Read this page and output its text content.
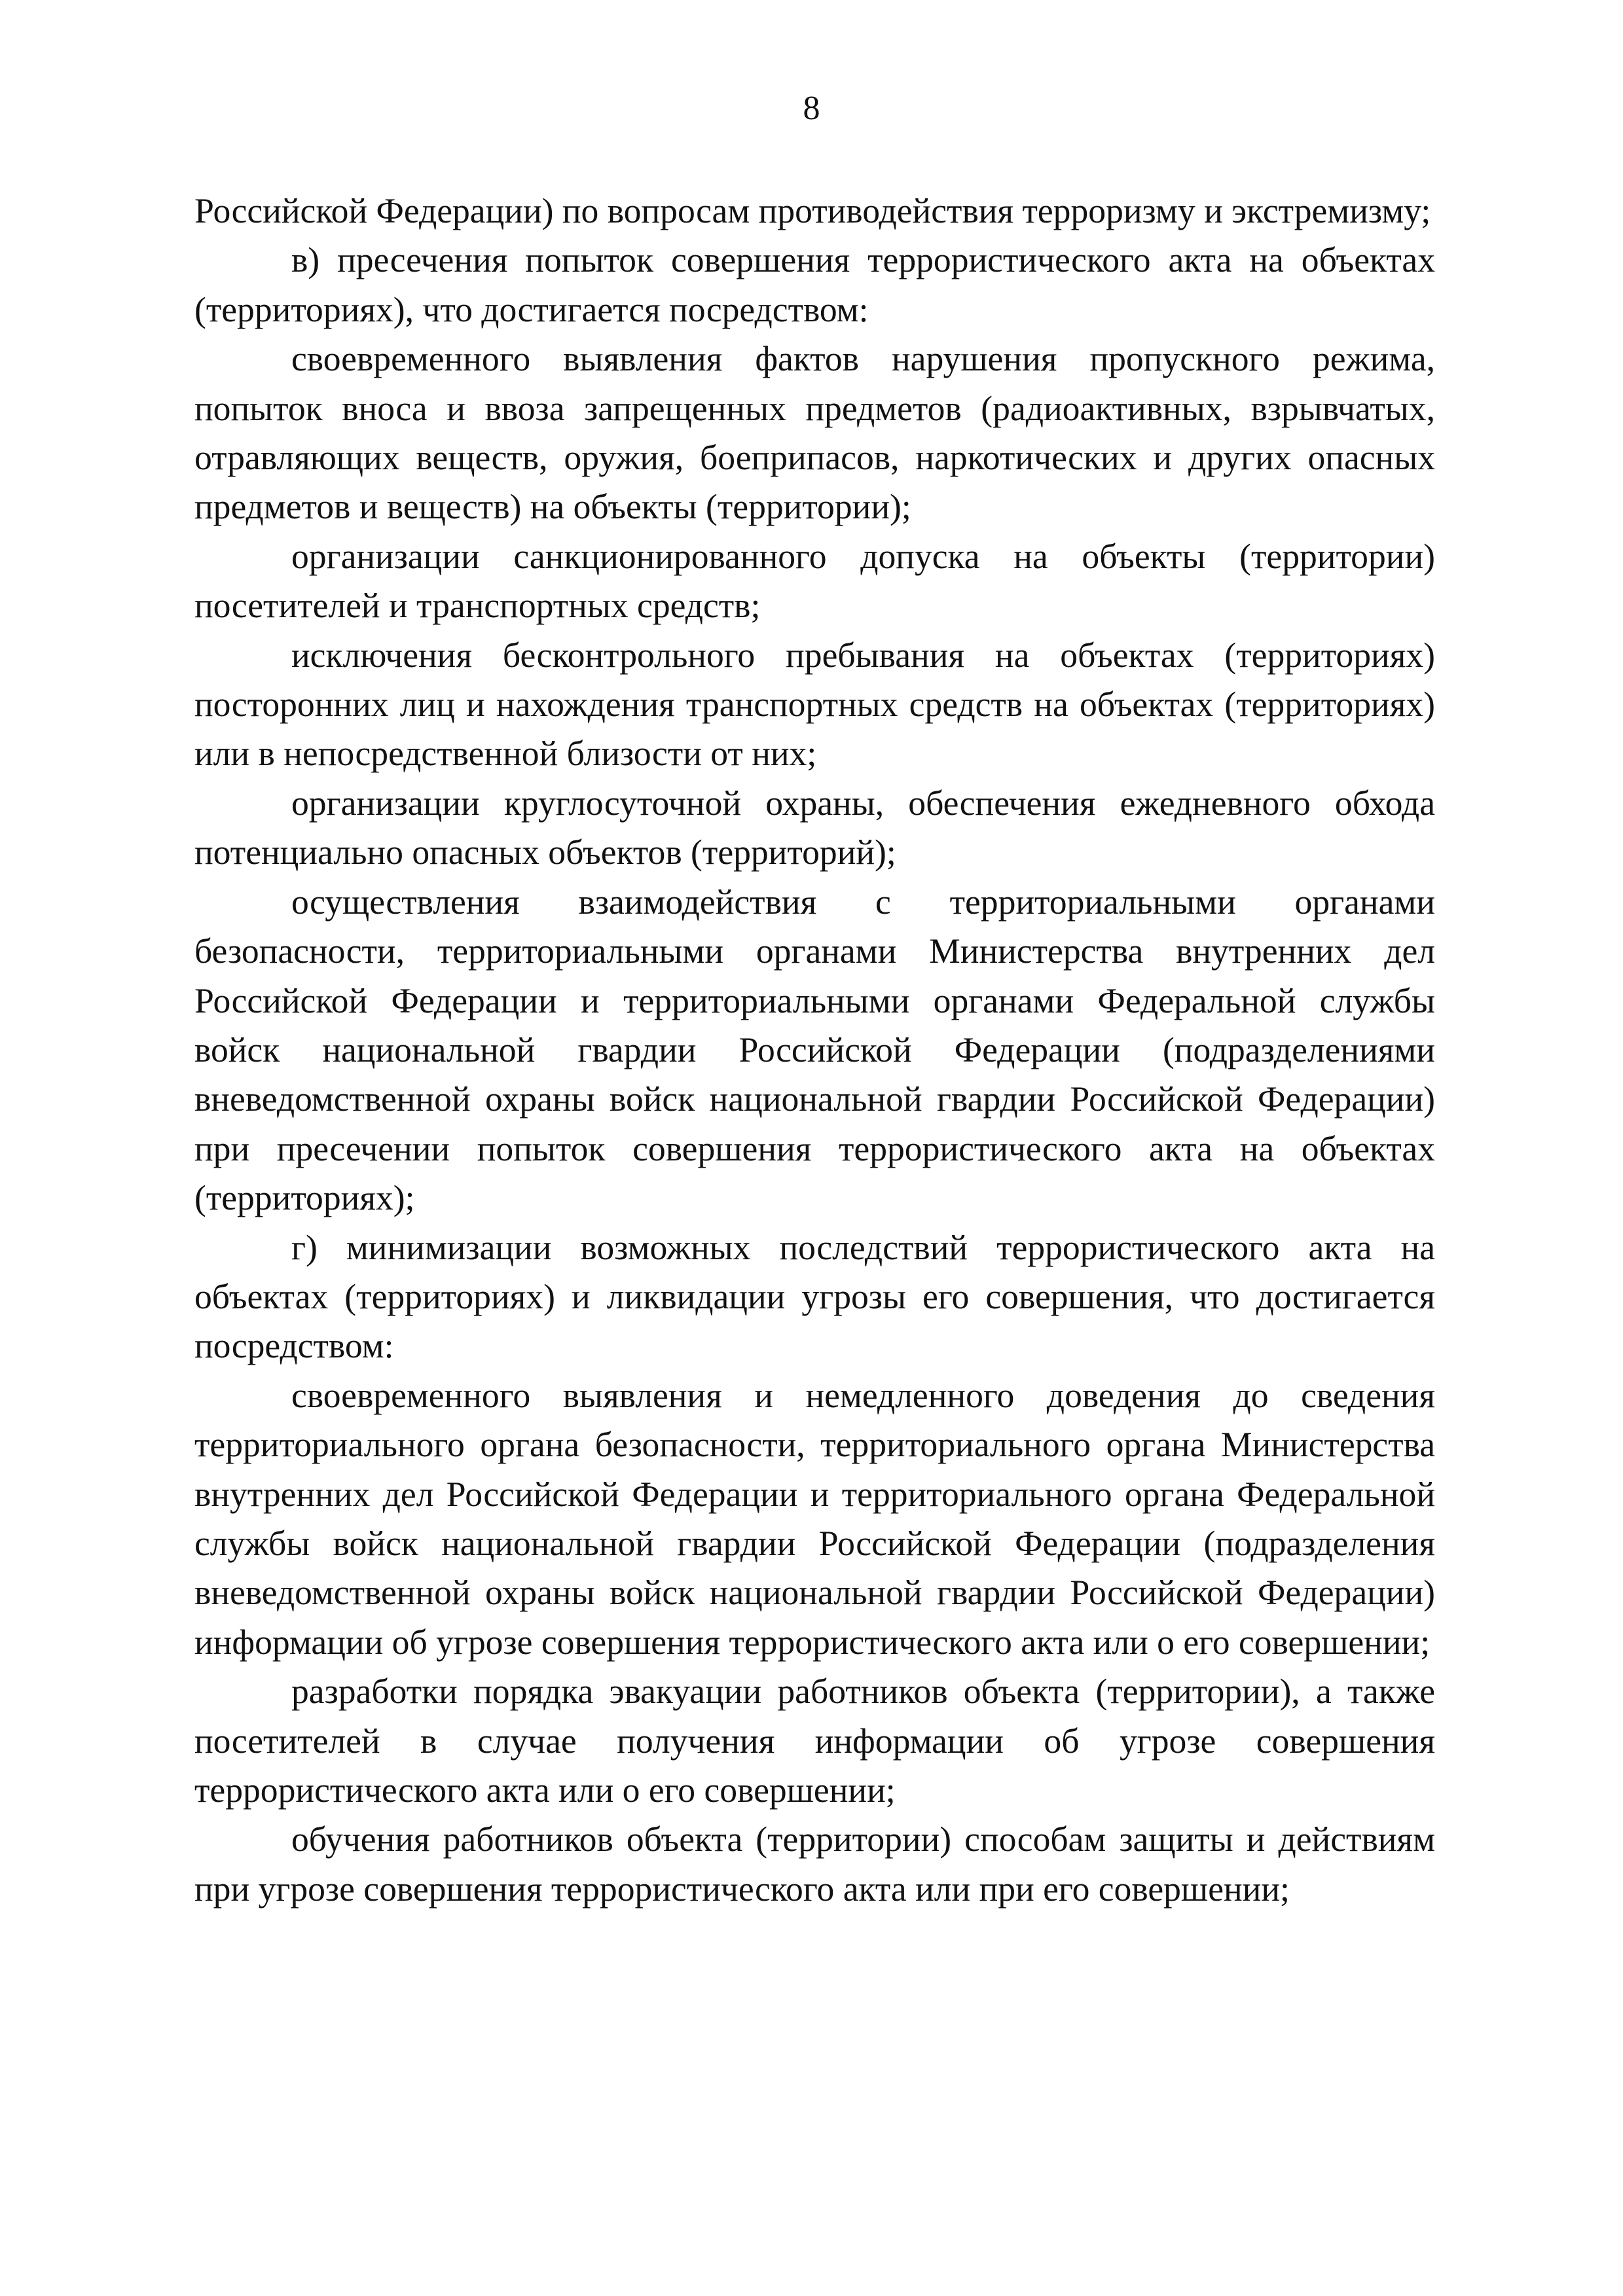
8

Российской Федерации) по вопросам противодействия терроризму и экстремизму;

в) пресечения попыток совершения террористического акта на объектах (территориях), что достигается посредством:

своевременного выявления фактов нарушения пропускного режима, попыток вноса и ввоза запрещенных предметов (радиоактивных, взрывчатых, отравляющих веществ, оружия, боеприпасов, наркотических и других опасных предметов и веществ) на объекты (территории);

организации санкционированного допуска на объекты (территории) посетителей и транспортных средств;

исключения бесконтрольного пребывания на объектах (территориях) посторонних лиц и нахождения транспортных средств на объектах (территориях) или в непосредственной близости от них;

организации круглосуточной охраны, обеспечения ежедневного обхода потенциально опасных объектов (территорий);

осуществления взаимодействия с территориальными органами безопасности, территориальными органами Министерства внутренних дел Российской Федерации и территориальными органами Федеральной службы войск национальной гвардии Российской Федерации (подразделениями вневедомственной охраны войск национальной гвардии Российской Федерации) при пресечении попыток совершения террористического акта на объектах (территориях);

г) минимизации возможных последствий террористического акта на объектах (территориях) и ликвидации угрозы его совершения, что достигается посредством:

своевременного выявления и немедленного доведения до сведения территориального органа безопасности, территориального органа Министерства внутренних дел Российской Федерации и территориального органа Федеральной службы войск национальной гвардии Российской Федерации (подразделения вневедомственной охраны войск национальной гвардии Российской Федерации) информации об угрозе совершения террористического акта или о его совершении;

разработки порядка эвакуации работников объекта (территории), а также посетителей в случае получения информации об угрозе совершения террористического акта или о его совершении;

обучения работников объекта (территории) способам защиты и действиям при угрозе совершения террористического акта или при его совершении;
